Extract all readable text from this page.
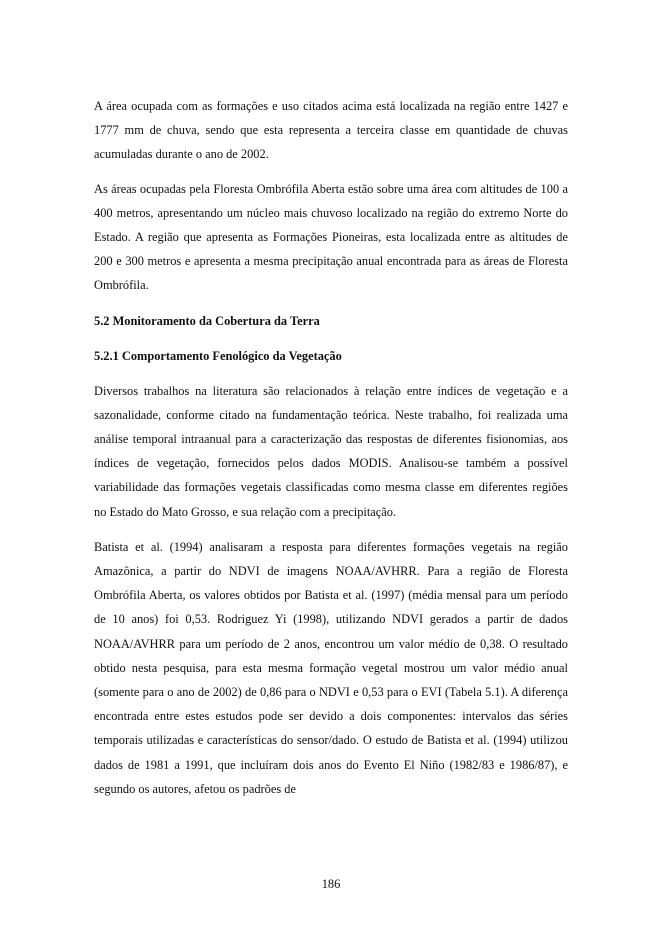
A área ocupada com as formações e uso citados acima está localizada na região entre 1427 e 1777 mm de chuva, sendo que esta representa a terceira classe em quantidade de chuvas acumuladas durante o ano de 2002.

As áreas ocupadas pela Floresta Ombrófila Aberta estão sobre uma área com altitudes de 100 a 400 metros, apresentando um núcleo mais chuvoso localizado na região do extremo Norte do Estado. A região que apresenta as Formações Pioneiras, esta localizada entre as altitudes de 200 e 300 metros e apresenta a mesma precipitação anual encontrada para as áreas de Floresta Ombrófila.

5.2 Monitoramento da Cobertura da Terra
5.2.1 Comportamento Fenológico da Vegetação

Diversos trabalhos na literatura são relacionados à relação entre índices de vegetação e a sazonalidade, conforme citado na fundamentação teórica. Neste trabalho, foi realizada uma análise temporal intraanual para a caracterização das respostas de diferentes fisionomias, aos índices de vegetação, fornecidos pelos dados MODIS. Analisou-se também a possível variabilidade das formações vegetais classificadas como mesma classe em diferentes regiões no Estado do Mato Grosso, e sua relação com a precipitação.

Batista et al. (1994) analisaram a resposta para diferentes formações vegetais na região Amazônica, a partir do NDVI de imagens NOAA/AVHRR. Para a região de Floresta Ombrófila Aberta, os valores obtidos por Batista et al. (1997) (média mensal para um período de 10 anos) foi 0,53. Rodriguez Yi (1998), utilizando NDVI gerados a partir de dados NOAA/AVHRR para um período de 2 anos, encontrou um valor médio de 0,38. O resultado obtido nesta pesquisa, para esta mesma formação vegetal mostrou um valor médio anual (somente para o ano de 2002) de 0,86 para o NDVI e 0,53 para o EVI (Tabela 5.1). A diferença encontrada entre estes estudos pode ser devido a dois componentes: intervalos das séries temporais utilizadas e características do sensor/dado. O estudo de Batista et al. (1994) utilizou dados de 1981 a 1991, que incluíram dois anos do Evento El Niño (1982/83 e 1986/87), e segundo os autores, afetou os padrões de

186
